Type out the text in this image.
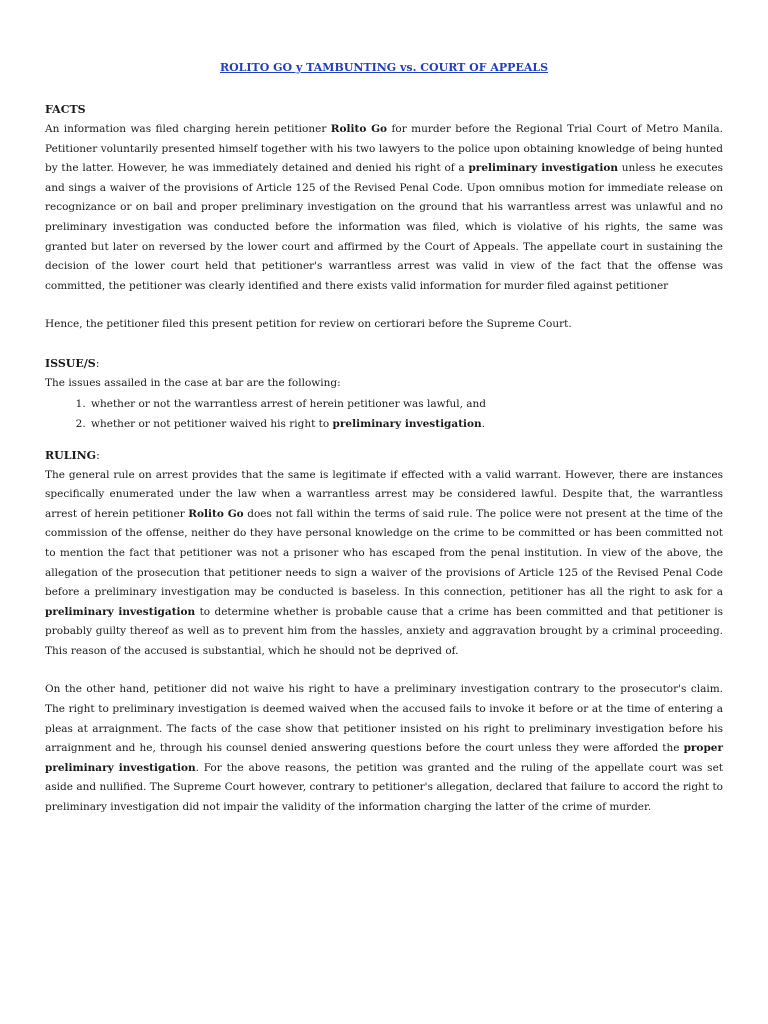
ROLITO GO y TAMBUNTING vs. COURT OF APPEALS
FACTS

An information was filed charging herein petitioner Rolito Go for murder before the Regional Trial Court of Metro Manila. Petitioner voluntarily presented himself together with his two lawyers to the police upon obtaining knowledge of being hunted by the latter. However, he was immediately detained and denied his right of a preliminary investigation unless he executes and sings a waiver of the provisions of Article 125 of the Revised Penal Code. Upon omnibus motion for immediate release on recognizance or on bail and proper preliminary investigation on the ground that his warrantless arrest was unlawful and no preliminary investigation was conducted before the information was filed, which is violative of his rights, the same was granted but later on reversed by the lower court and affirmed by the Court of Appeals. The appellate court in sustaining the decision of the lower court held that petitioner's warrantless arrest was valid in view of the fact that the offense was committed, the petitioner was clearly identified and there exists valid information for murder filed against petitioner

Hence, the petitioner filed this present petition for review on certiorari before the Supreme Court.

ISSUE/S:

The issues assailed in the case at bar are the following:

1. whether or not the warrantless arrest of herein petitioner was lawful, and
2. whether or not petitioner waived his right to preliminary investigation.
RULING:

The general rule on arrest provides that the same is legitimate if effected with a valid warrant. However, there are instances specifically enumerated under the law when a warrantless arrest may be considered lawful. Despite that, the warrantless arrest of herein petitioner Rolito Go does not fall within the terms of said rule. The police were not present at the time of the commission of the offense, neither do they have personal knowledge on the crime to be committed or has been committed not to mention the fact that petitioner was not a prisoner who has escaped from the penal institution. In view of the above, the allegation of the prosecution that petitioner needs to sign a waiver of the provisions of Article 125 of the Revised Penal Code before a preliminary investigation may be conducted is baseless. In this connection, petitioner has all the right to ask for a preliminary investigation to determine whether is probable cause that a crime has been committed and that petitioner is probably guilty thereof as well as to prevent him from the hassles, anxiety and aggravation brought by a criminal proceeding. This reason of the accused is substantial, which he should not be deprived of.

On the other hand, petitioner did not waive his right to have a preliminary investigation contrary to the prosecutor's claim. The right to preliminary investigation is deemed waived when the accused fails to invoke it before or at the time of entering a pleas at arraignment. The facts of the case show that petitioner insisted on his right to preliminary investigation before his arraignment and he, through his counsel denied answering questions before the court unless they were afforded the proper preliminary investigation. For the above reasons, the petition was granted and the ruling of the appellate court was set aside and nullified. The Supreme Court however, contrary to petitioner's allegation, declared that failure to accord the right to preliminary investigation did not impair the validity of the information charging the latter of the crime of murder.
